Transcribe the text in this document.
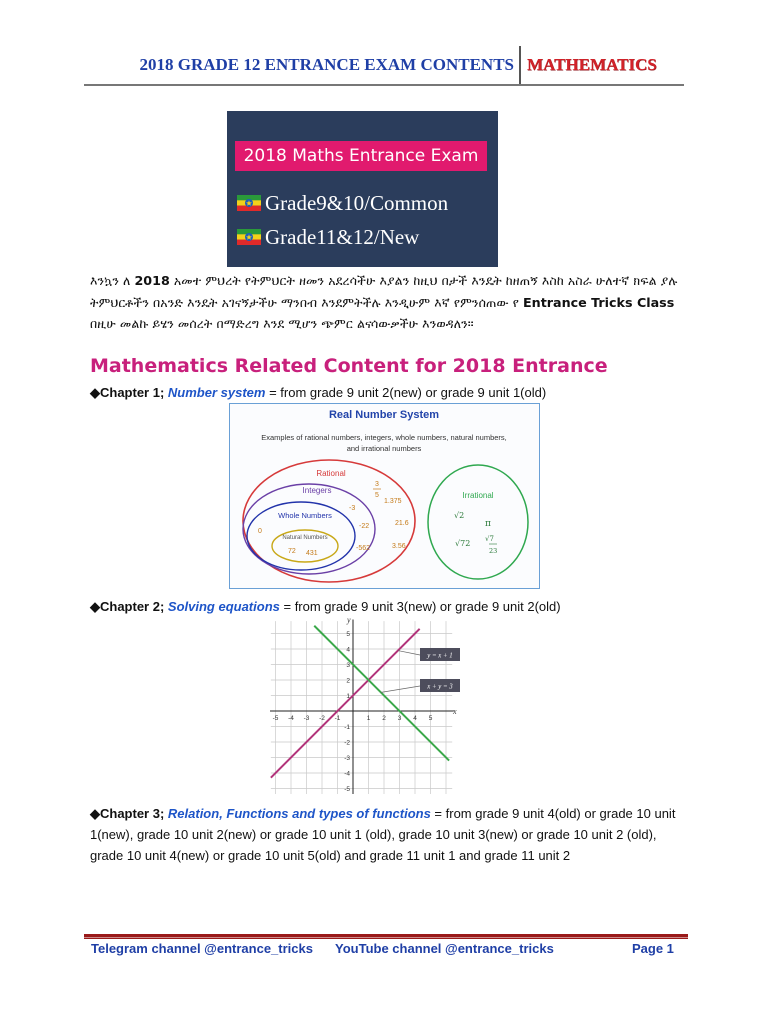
2018 GRADE 12 ENTRANCE EXAM CONTENTS MATHEMATICS
2018 Maths Entrance Exam
Grade9&10/Common
Grade11&12/New
እንኳን ለ 2018 አመተ ምህረት የትምህርት ዘመን አደረሳችሁ እያልን ከዚህ በታች እንዴት ከዘጠኝ እስከ አስራ ሁለተኛ ክፍል ያሉ ትምህርቶችን በአንድ እንዴት አገናኝታችሁ ማንበብ እንደምትችሉ እንዲሁም እኛ የምንሰጠው የ Entrance Tricks Class በዚሁ መልኩ ይሄን መሰረት በማድረግ እንደ ሚሆን ጭምር ልናሳውቃችሁ እንወዳለን።
Mathematics Related Content for 2018 Entrance
◆Chapter 1; Number system = from grade 9 unit 2(new) or grade 9 unit 1(old)
Real Number System
Examples of rational numbers, integers, whole numbers, natural numbers,
and irrational numbers
Rational
Integers
Whole Numbers
Natural Numbers
72 431
0
-3
-22
-562
3
5
1.375
21.6
3.56
Irrational
√2
π
√72 √7
23
◆Chapter 2; Solving equations = from grade 9 unit 3(new) or grade 9 unit 2(old)
x
y
-5 -4 -3 -2 -1	1 2 3 4 5
5
4
3
2
1
-1
-2
-3
-4
-5
y = x + 1
x + y = 3
◆Chapter 3; Relation, Functions and types of functions = from grade 9 unit 4(old) or grade 10 unit 1(new), grade 10 unit 2(new) or grade 10 unit 1 (old), grade 10 unit 3(new) or grade 10 unit 2 (old), grade 10 unit 4(new) or grade 10 unit 5(old) and grade 11 unit 1 and grade 11 unit 2
Telegram channel @entrance_tricks YouTube channel @entrance_tricks	Page 1
